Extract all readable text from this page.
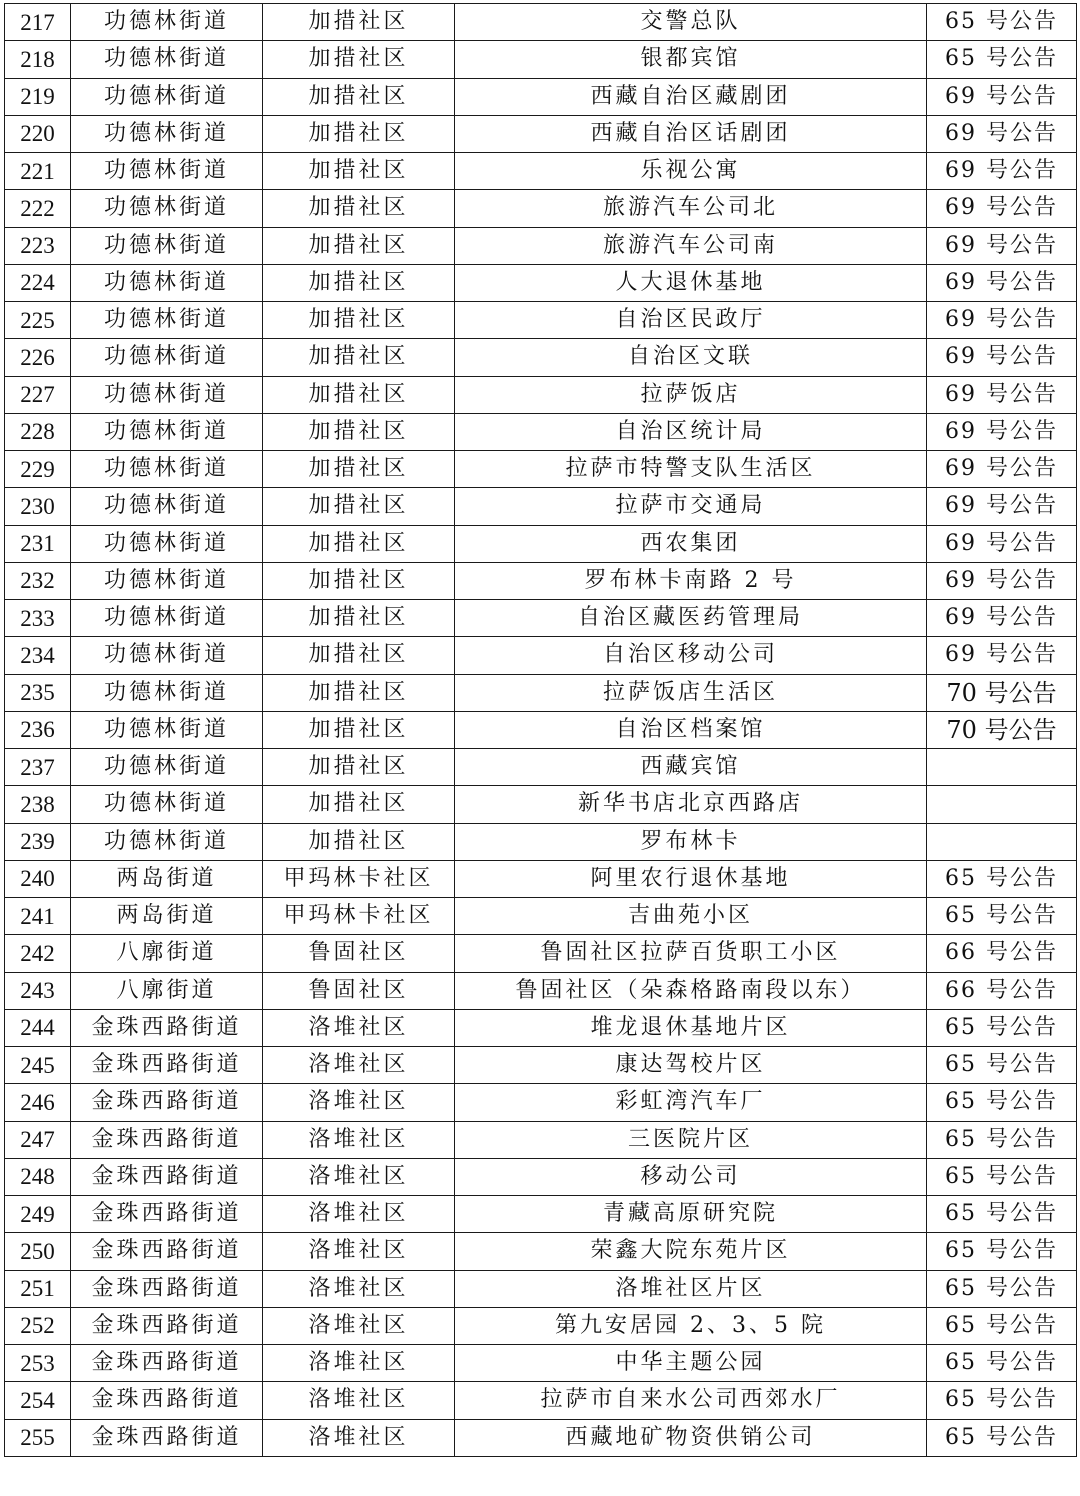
217	功德林街道	加措社区	交警总队	65 号公告
218	功德林街道	加措社区	银都宾馆	65 号公告
219	功德林街道	加措社区	西藏自治区藏剧团	69 号公告
220	功德林街道	加措社区	西藏自治区话剧团	69 号公告
221	功德林街道	加措社区	乐视公寓	69 号公告
222	功德林街道	加措社区	旅游汽车公司北	69 号公告
223	功德林街道	加措社区	旅游汽车公司南	69 号公告
224	功德林街道	加措社区	人大退休基地	69 号公告
225	功德林街道	加措社区	自治区民政厅	69 号公告
226	功德林街道	加措社区	自治区文联	69 号公告
227	功德林街道	加措社区	拉萨饭店	69 号公告
228	功德林街道	加措社区	自治区统计局	69 号公告
229	功德林街道	加措社区	拉萨市特警支队生活区	69 号公告
230	功德林街道	加措社区	拉萨市交通局	69 号公告
231	功德林街道	加措社区	西农集团	69 号公告
232	功德林街道	加措社区	罗布林卡南路 2 号	69 号公告
233	功德林街道	加措社区	自治区藏医药管理局	69 号公告
234	功德林街道	加措社区	自治区移动公司	69 号公告
235	功德林街道	加措社区	拉萨饭店生活区	70 号公告
236	功德林街道	加措社区	自治区档案馆	70 号公告
237	功德林街道	加措社区	西藏宾馆	
238	功德林街道	加措社区	新华书店北京西路店	
239	功德林街道	加措社区	罗布林卡	
240	两岛街道	甲玛林卡社区	阿里农行退休基地	65 号公告
241	两岛街道	甲玛林卡社区	吉曲苑小区	65 号公告
242	八廓街道	鲁固社区	鲁固社区拉萨百货职工小区	66 号公告
243	八廓街道	鲁固社区	鲁固社区（朵森格路南段以东）	66 号公告
244	金珠西路街道	洛堆社区	堆龙退休基地片区	65 号公告
245	金珠西路街道	洛堆社区	康达驾校片区	65 号公告
246	金珠西路街道	洛堆社区	彩虹湾汽车厂	65 号公告
247	金珠西路街道	洛堆社区	三医院片区	65 号公告
248	金珠西路街道	洛堆社区	移动公司	65 号公告
249	金珠西路街道	洛堆社区	青藏高原研究院	65 号公告
250	金珠西路街道	洛堆社区	荣鑫大院东苑片区	65 号公告
251	金珠西路街道	洛堆社区	洛堆社区片区	65 号公告
252	金珠西路街道	洛堆社区	第九安居园 2、3、5 院	65 号公告
253	金珠西路街道	洛堆社区	中华主题公园	65 号公告
254	金珠西路街道	洛堆社区	拉萨市自来水公司西郊水厂	65 号公告
255	金珠西路街道	洛堆社区	西藏地矿物资供销公司	65 号公告
